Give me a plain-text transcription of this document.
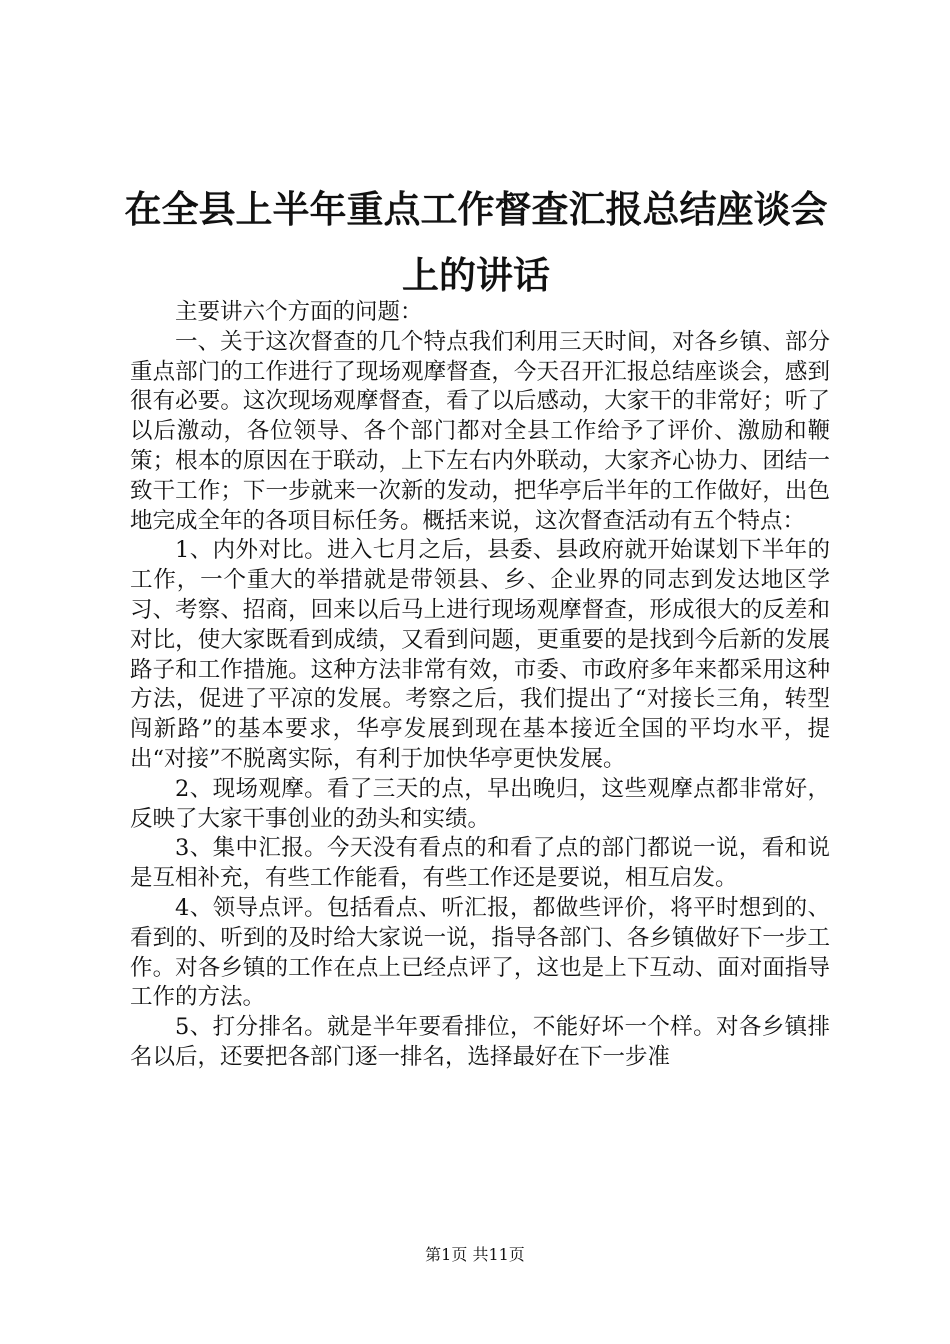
在全县上半年重点工作督查汇报总结座谈会上的讲话

主要讲六个方面的问题：

一、关于这次督查的几个特点我们利用三天时间，对各乡镇、部分重点部门的工作进行了现场观摩督查，今天召开汇报总结座谈会，感到很有必要。这次现场观摩督查，看了以后感动，大家干的非常好；听了以后激动，各位领导、各个部门都对全县工作给予了评价、激励和鞭策；根本的原因在于联动，上下左右内外联动，大家齐心协力、团结一致干工作；下一步就来一次新的发动，把华亭后半年的工作做好，出色地完成全年的各项目标任务。概括来说，这次督查活动有五个特点：

1、内外对比。进入七月之后，县委、县政府就开始谋划下半年的工作，一个重大的举措就是带领县、乡、企业界的同志到发达地区学习、考察、招商，回来以后马上进行现场观摩督查，形成很大的反差和对比，使大家既看到成绩，又看到问题，更重要的是找到今后新的发展路子和工作措施。这种方法非常有效，市委、市政府多年来都采用这种方法，促进了平凉的发展。考察之后，我们提出了“对接长三角，转型闯新路”的基本要求，华亭发展到现在基本接近全国的平均水平，提出“对接”不脱离实际，有利于加快华亭更快发展。

2、现场观摩。看了三天的点，早出晚归，这些观摩点都非常好，反映了大家干事创业的劲头和实绩。

3、集中汇报。今天没有看点的和看了点的部门都说一说，看和说是互相补充，有些工作能看，有些工作还是要说，相互启发。

4、领导点评。包括看点、听汇报，都做些评价，将平时想到的、看到的、听到的及时给大家说一说，指导各部门、各乡镇做好下一步工作。对各乡镇的工作在点上已经点评了，这也是上下互动、面对面指导工作的方法。

5、打分排名。就是半年要看排位，不能好坏一个样。对各乡镇排名以后，还要把各部门逐一排名，选择最好在下一步准

第1页 共11页
